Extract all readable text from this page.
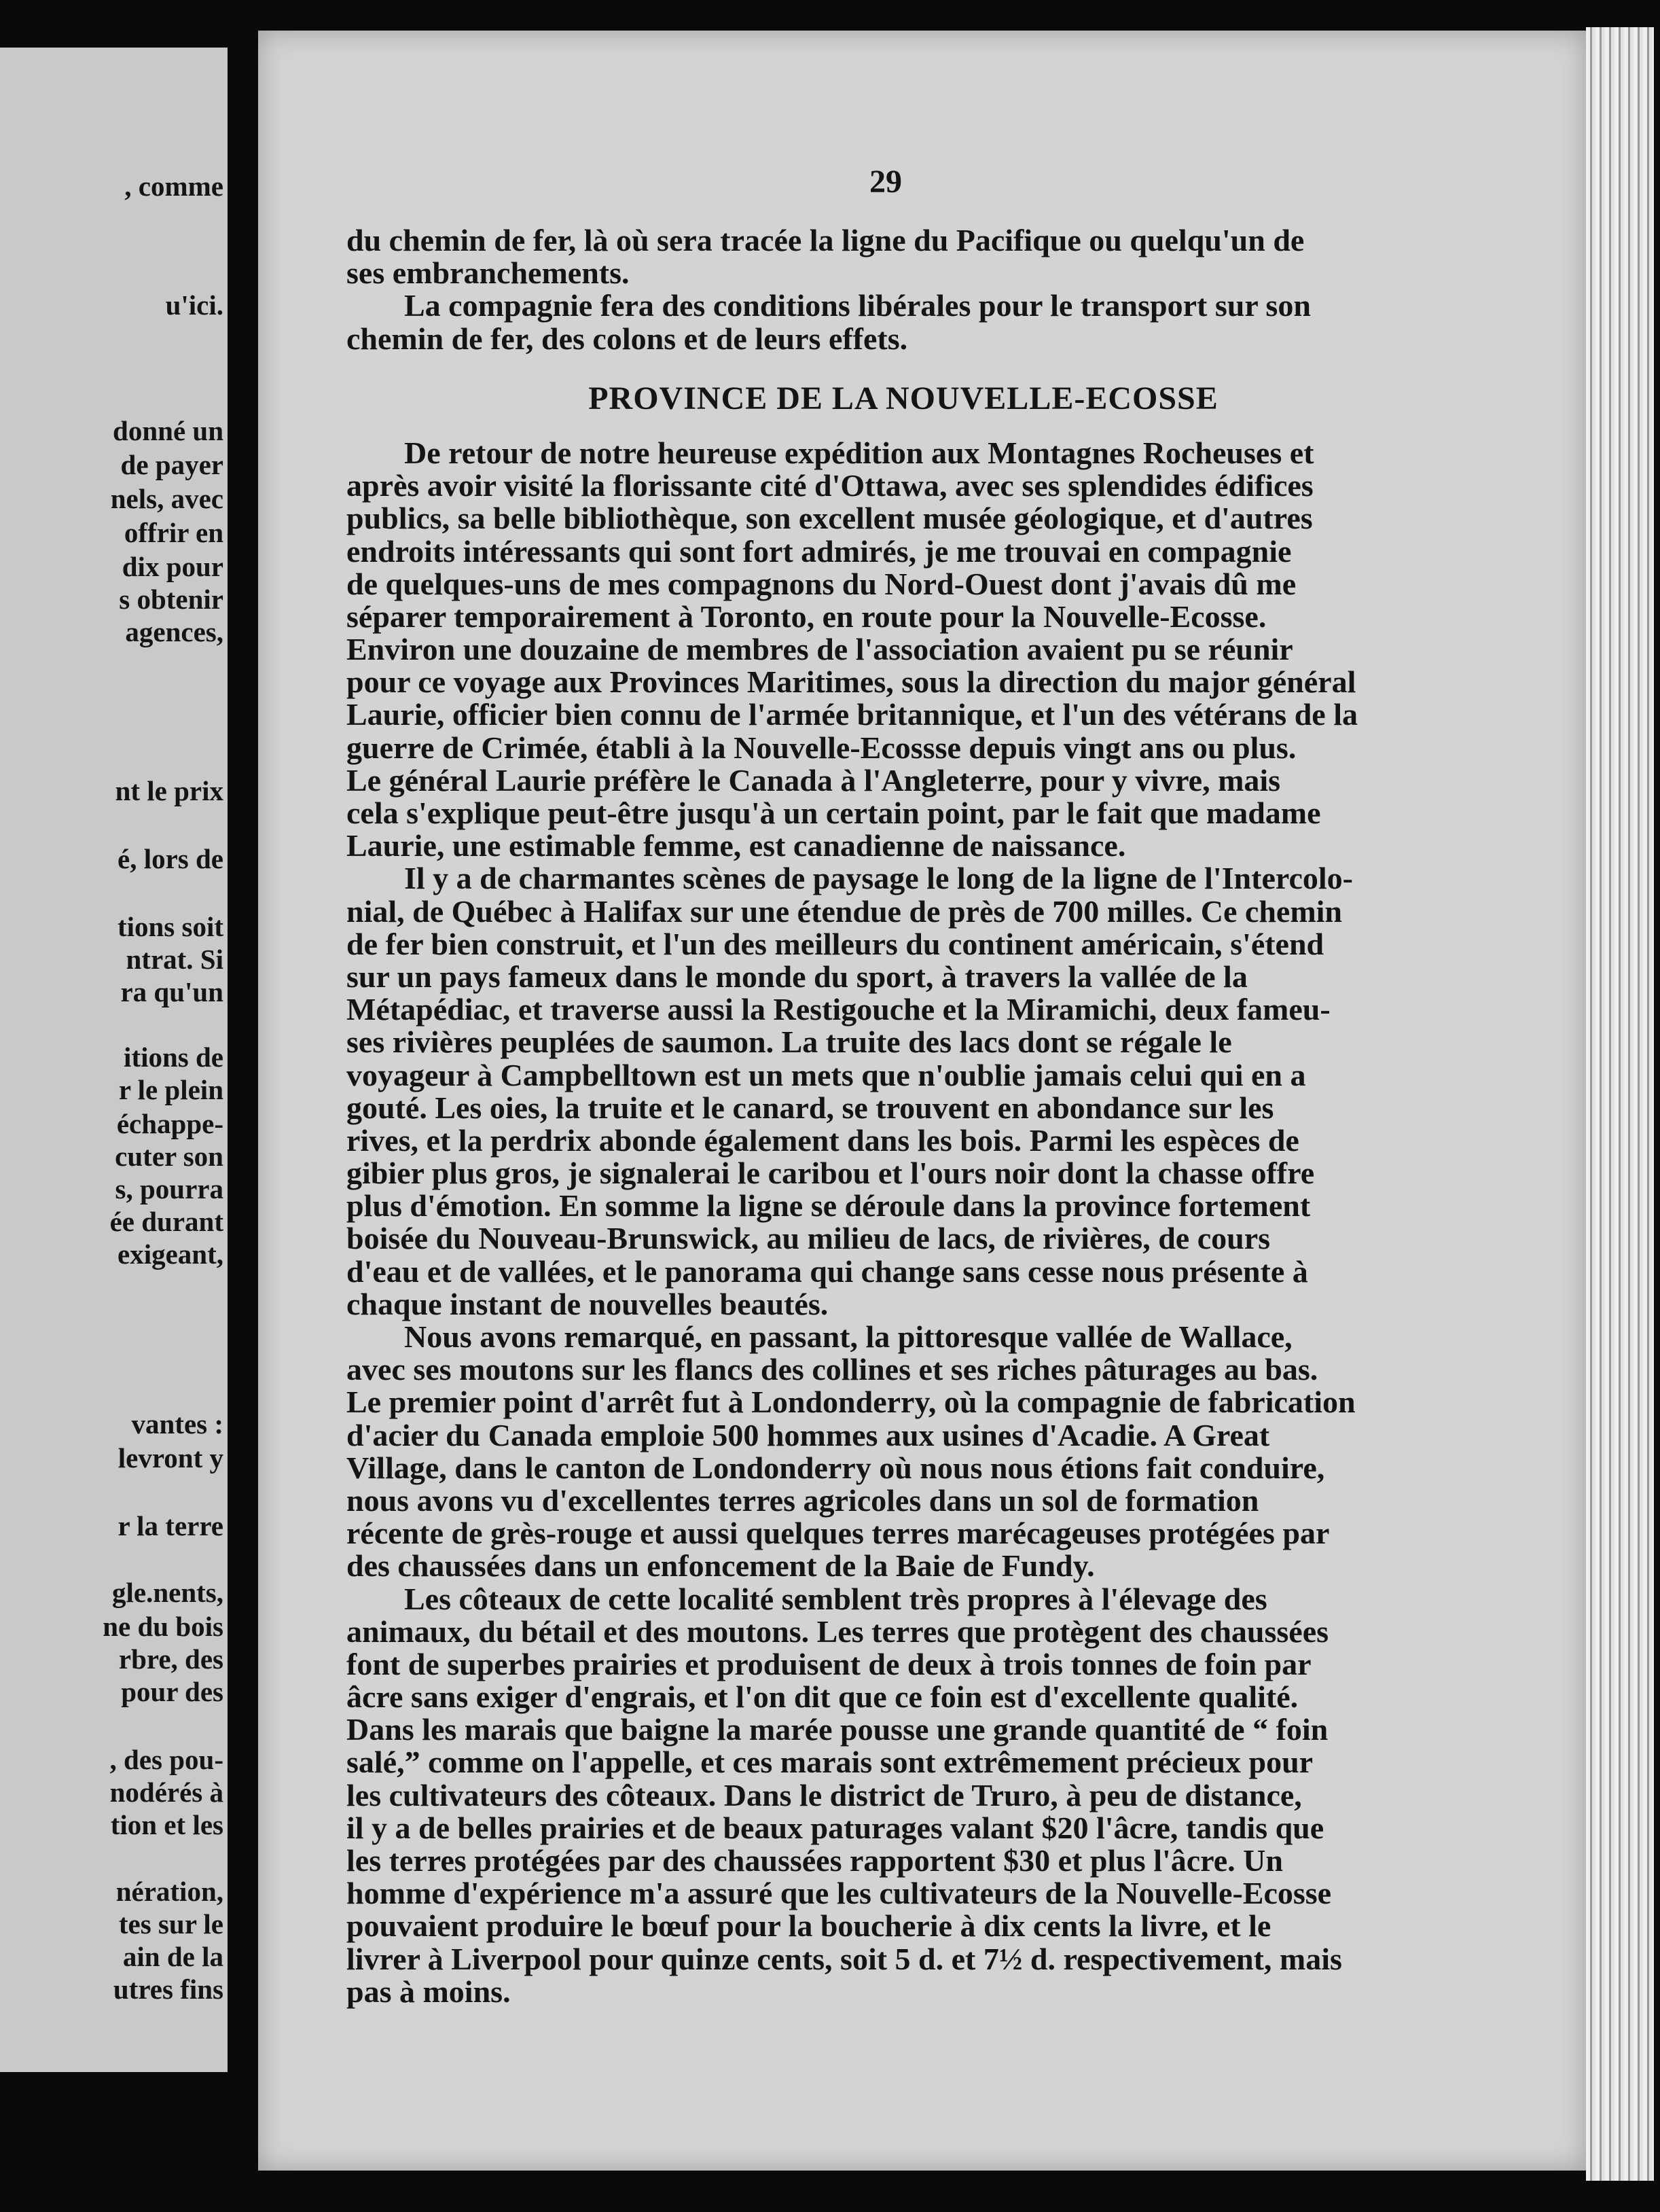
, comme
u'ici.
donné un
de payer
nels, avec
offrir en
dix pour
s obtenir
agences,
nt le prix
é, lors de
tions soit
ntrat. Si
ra qu'un
itions de
r le plein
échappe-
cuter son
s, pourra
ée durant
exigeant,
vantes :
levront y
r la terre
gle.nents,
ne du bois
rbre, des
pour des
, des pou-
nodérés à
tion et les
nération,
tes sur le
ain de la
utres fins
29
du chemin de fer, là où sera tracée la ligne du Pacifique ou quelqu'un de
ses embranchements.
La compagnie fera des conditions libérales pour le transport sur son
chemin de fer, des colons et de leurs effets.
PROVINCE DE LA NOUVELLE-ECOSSE
De retour de notre heureuse expédition aux Montagnes Rocheuses et
après avoir visité la florissante cité d'Ottawa, avec ses splendides édifices
publics, sa belle bibliothèque, son excellent musée géologique, et d'autres
endroits intéressants qui sont fort admirés, je me trouvai en compagnie
de quelques-uns de mes compagnons du Nord-Ouest dont j'avais dû me
séparer temporairement à Toronto, en route pour la Nouvelle-Ecosse.
Environ une douzaine de membres de l'association avaient pu se réunir
pour ce voyage aux Provinces Maritimes, sous la direction du major général
Laurie, officier bien connu de l'armée britannique, et l'un des vétérans de la
guerre de Crimée, établi à la Nouvelle-Ecossse depuis vingt ans ou plus.
Le général Laurie préfère le Canada à l'Angleterre, pour y vivre, mais
cela s'explique peut-être jusqu'à un certain point, par le fait que madame
Laurie, une estimable femme, est canadienne de naissance.
Il y a de charmantes scènes de paysage le long de la ligne de l'Intercolo-
nial, de Québec à Halifax sur une étendue de près de 700 milles. Ce chemin
de fer bien construit, et l'un des meilleurs du continent américain, s'étend
sur un pays fameux dans le monde du sport, à travers la vallée de la
Métapédiac, et traverse aussi la Restigouche et la Miramichi, deux fameu-
ses rivières peuplées de saumon. La truite des lacs dont se régale le
voyageur à Campbelltown est un mets que n'oublie jamais celui qui en a
gouté. Les oies, la truite et le canard, se trouvent en abondance sur les
rives, et la perdrix abonde également dans les bois. Parmi les espèces de
gibier plus gros, je signalerai le caribou et l'ours noir dont la chasse offre
plus d'émotion. En somme la ligne se déroule dans la province fortement
boisée du Nouveau-Brunswick, au milieu de lacs, de rivières, de cours
d'eau et de vallées, et le panorama qui change sans cesse nous présente à
chaque instant de nouvelles beautés.
Nous avons remarqué, en passant, la pittoresque vallée de Wallace,
avec ses moutons sur les flancs des collines et ses riches pâturages au bas.
Le premier point d'arrêt fut à Londonderry, où la compagnie de fabrication
d'acier du Canada emploie 500 hommes aux usines d'Acadie. A Great
Village, dans le canton de Londonderry où nous nous étions fait conduire,
nous avons vu d'excellentes terres agricoles dans un sol de formation
récente de grès-rouge et aussi quelques terres marécageuses protégées par
des chaussées dans un enfoncement de la Baie de Fundy.
Les côteaux de cette localité semblent très propres à l'élevage des
animaux, du bétail et des moutons. Les terres que protègent des chaussées
font de superbes prairies et produisent de deux à trois tonnes de foin par
âcre sans exiger d'engrais, et l'on dit que ce foin est d'excellente qualité.
Dans les marais que baigne la marée pousse une grande quantité de “ foin
salé,” comme on l'appelle, et ces marais sont extrêmement précieux pour
les cultivateurs des côteaux. Dans le district de Truro, à peu de distance,
il y a de belles prairies et de beaux paturages valant $20 l'âcre, tandis que
les terres protégées par des chaussées rapportent $30 et plus l'âcre. Un
homme d'expérience m'a assuré que les cultivateurs de la Nouvelle-Ecosse
pouvaient produire le bœuf pour la boucherie à dix cents la livre, et le
livrer à Liverpool pour quinze cents, soit 5 d. et 7½ d. respectivement, mais
pas à moins.
